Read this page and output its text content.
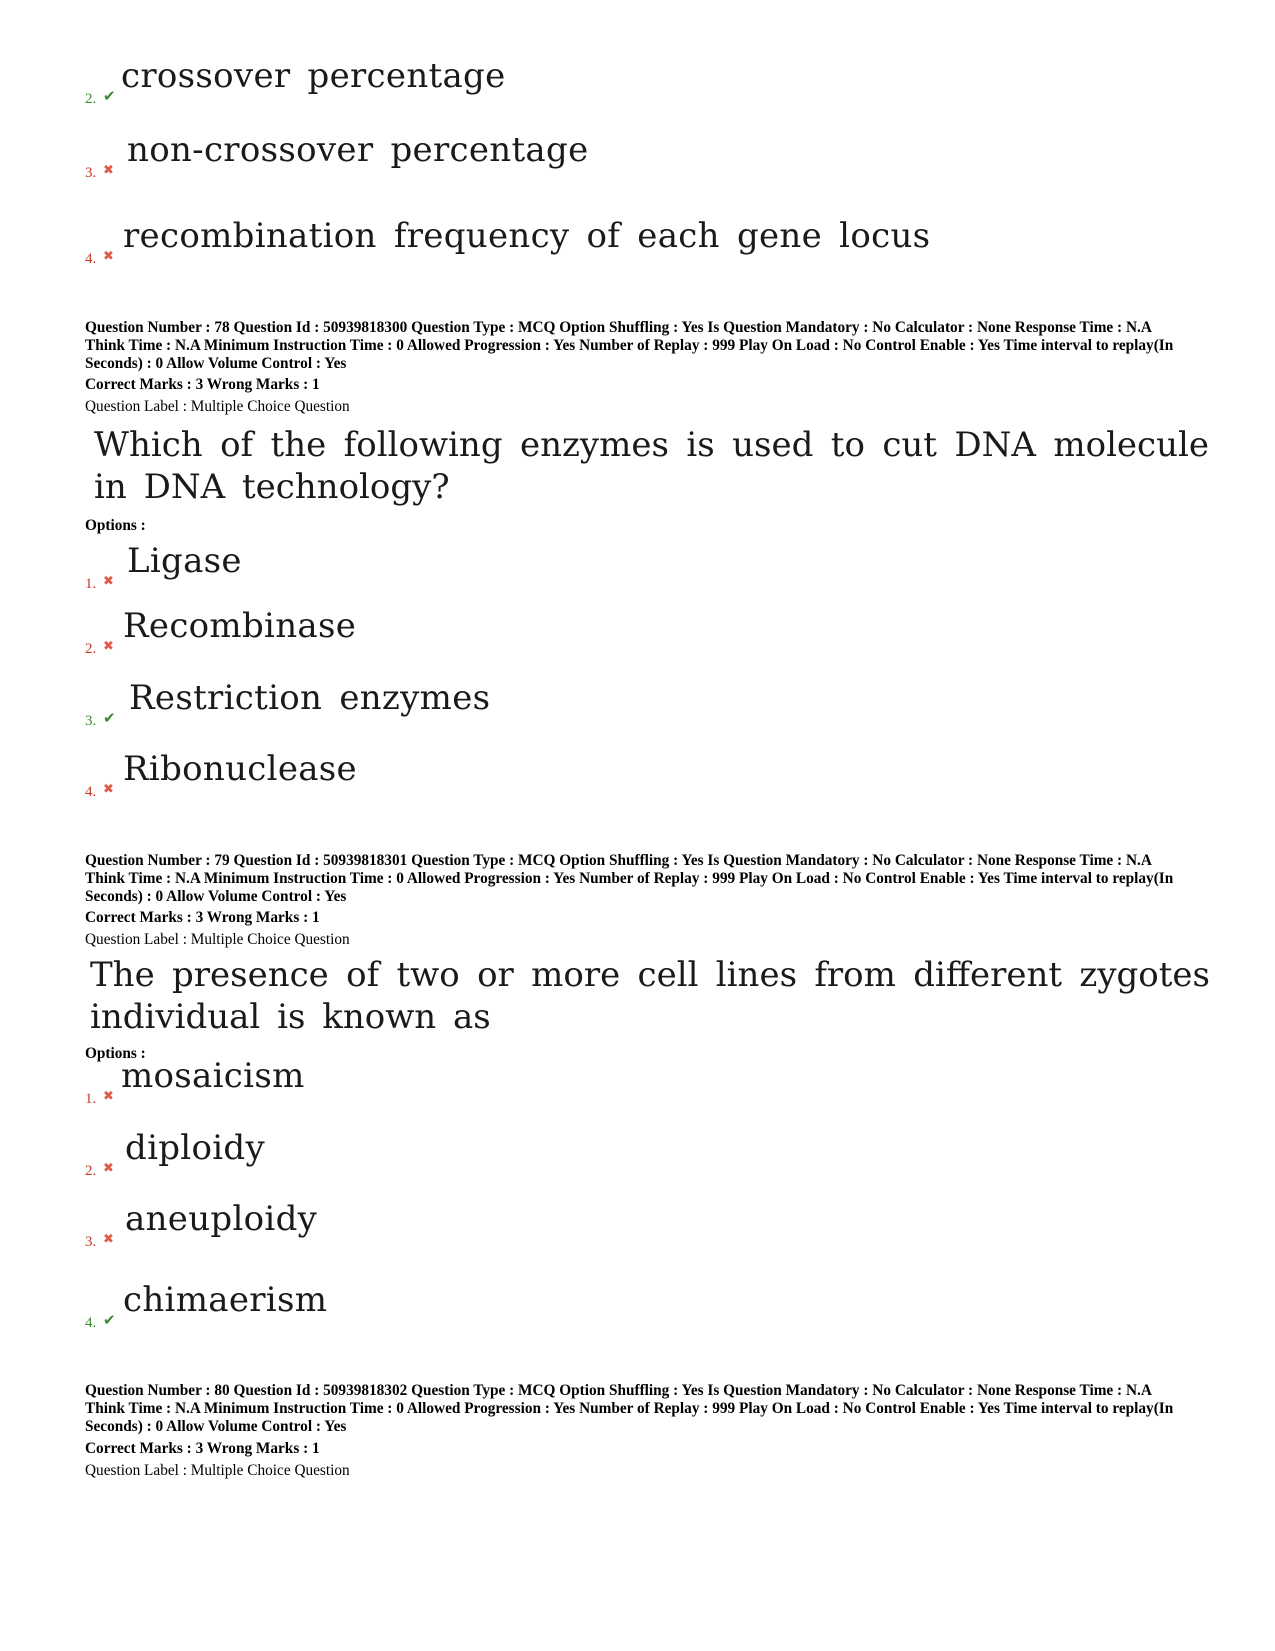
2. ✔ crossover percentage
3. ✖
non-crossover percentage
4. ✖
recombination frequency of each gene locus
Question Number : 78 Question Id : 50939818300 Question Type : MCQ Option Shuffling : Yes Is Question Mandatory : No Calculator : None Response Time : N.A Think Time : N.A Minimum Instruction Time : 0 Allowed Progression : Yes Number of Replay : 999 Play On Load : No Control Enable : Yes Time interval to replay(In Seconds) : 0 Allow Volume Control : Yes
Correct Marks : 3 Wrong Marks : 1
Question Label : Multiple Choice Question
Which of the following enzymes is used to cut DNA molecule in DNA technology?
Options :
1. ✖
Ligase
2. ✖
Recombinase
3. ✔ Restriction enzymes
4. ✖
Ribonuclease
Question Number : 79 Question Id : 50939818301 Question Type : MCQ Option Shuffling : Yes Is Question Mandatory : No Calculator : None Response Time : N.A Think Time : N.A Minimum Instruction Time : 0 Allowed Progression : Yes Number of Replay : 999 Play On Load : No Control Enable : Yes Time interval to replay(In Seconds) : 0 Allow Volume Control : Yes
Correct Marks : 3 Wrong Marks : 1
Question Label : Multiple Choice Question
The presence of two or more cell lines from different zygotes individual is known as
Options :
1. ✖
mosaicism
2. ✖
diploidy
3. ✖
aneuploidy
4. ✔ chimaerism
Question Number : 80 Question Id : 50939818302 Question Type : MCQ Option Shuffling : Yes Is Question Mandatory : No Calculator : None Response Time : N.A Think Time : N.A Minimum Instruction Time : 0 Allowed Progression : Yes Number of Replay : 999 Play On Load : No Control Enable : Yes Time interval to replay(In Seconds) : 0 Allow Volume Control : Yes
Correct Marks : 3 Wrong Marks : 1
Question Label : Multiple Choice Question
